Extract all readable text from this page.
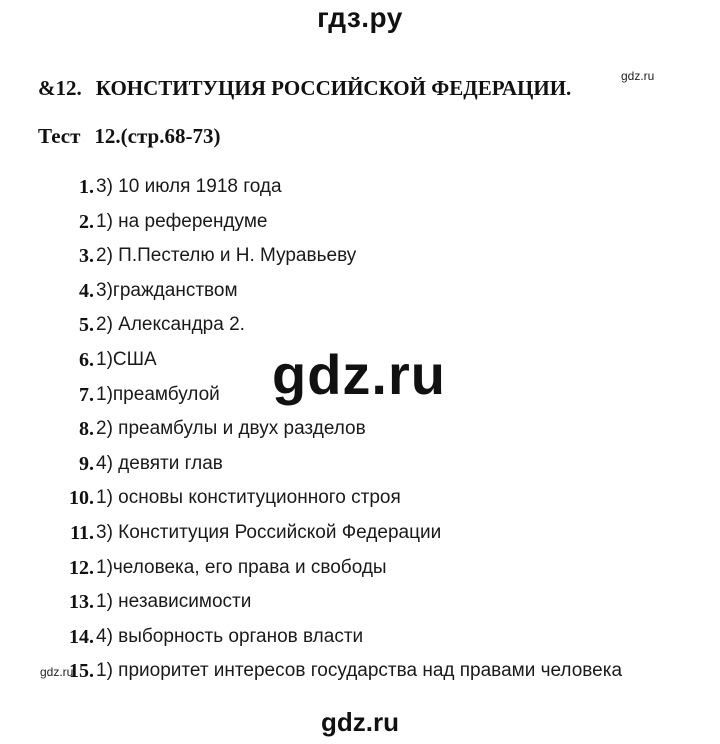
гдз.ру
&12. КОНСТИТУЦИЯ РОССИЙСКОЙ ФЕДЕРАЦИИ.	gdz.ru
Тест 12.(стр.68-73)
1. 3) 10 июля 1918 года
2. 1) на референдуме
3. 2) П.Пестелю и Н. Муравьеву
4. 3)гражданством
5. 2) Александра 2.
6. 1)США
7. 1)преамбулой
8. 2) преамбулы и двух разделов
9. 4) девяти глав
10. 1) основы конституционного строя
11. 3) Конституция Российской Федерации
12. 1)человека, его права и свободы
13. 1) независимости
14. 4) выборность органов власти
15. 1) приоритет интересов государства над правами человека
gdz.ru
gdz.ru
gdz.ru
